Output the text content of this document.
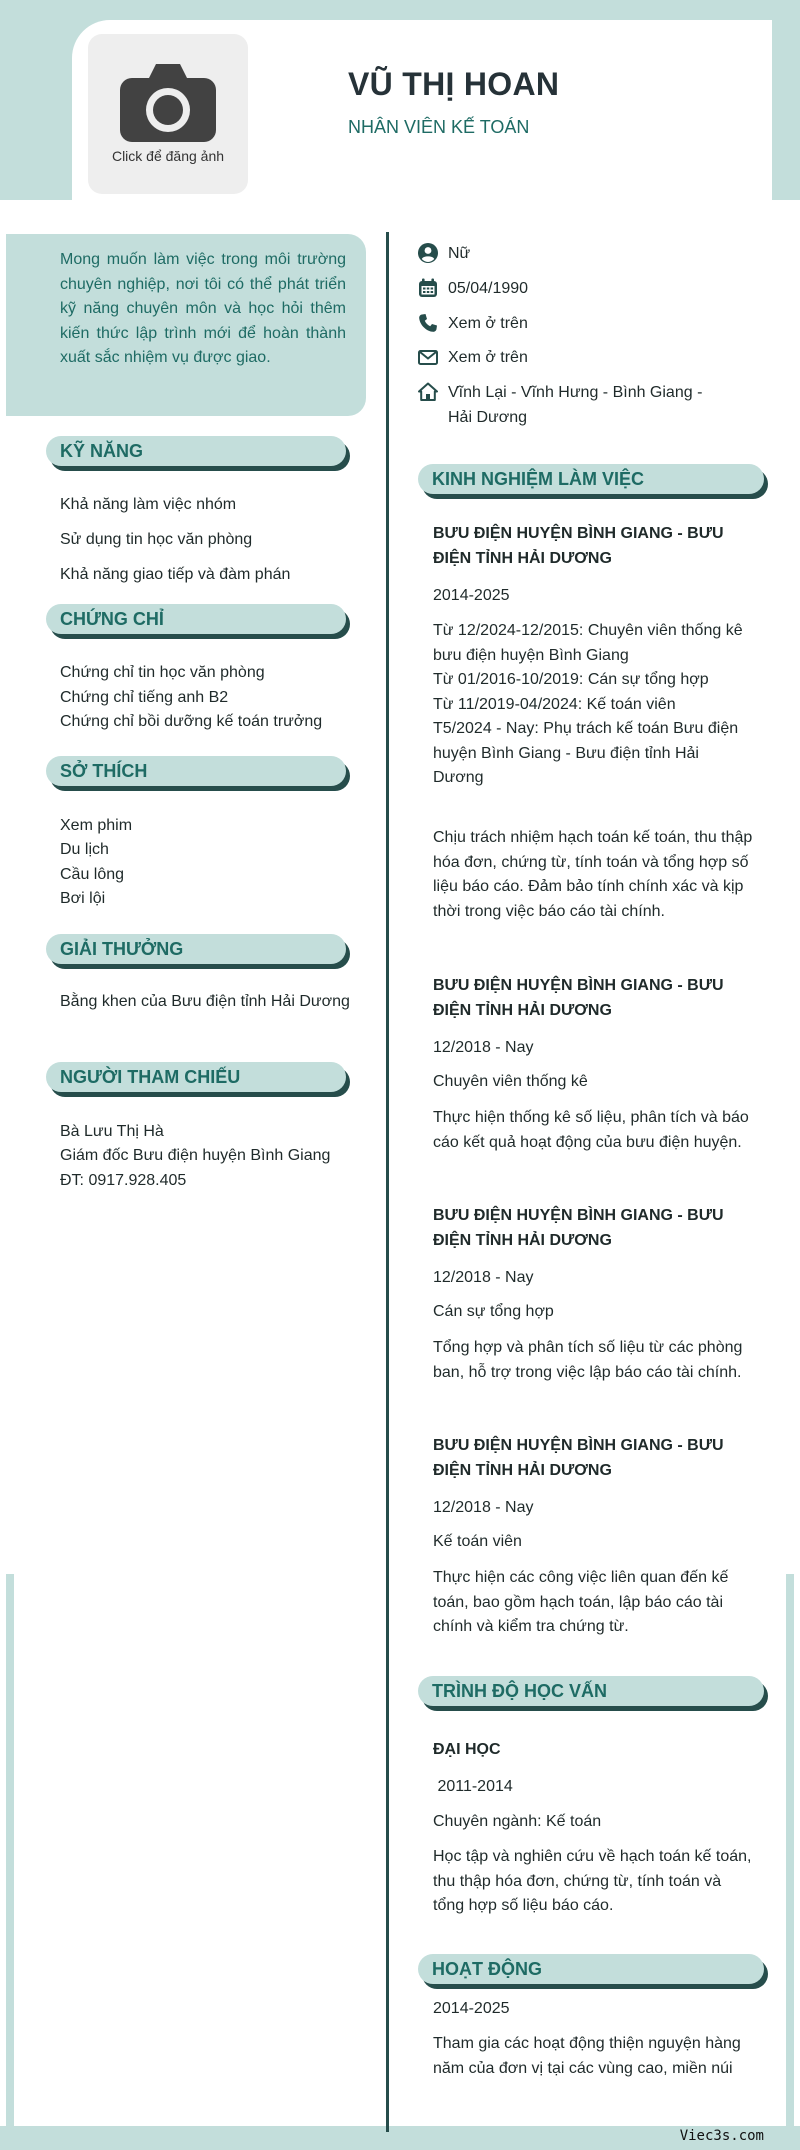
Click để đăng ảnh
VŨ THỊ HOAN
NHÂN VIÊN KẾ TOÁN

Mong muốn làm việc trong môi trường chuyên nghiệp, nơi tôi có thể phát triển kỹ năng chuyên môn và học hỏi thêm kiến thức lập trình mới để hoàn thành xuất sắc nhiệm vụ được giao.

KỸ NĂNG
Khả năng làm việc nhóm
Sử dụng tin học văn phòng
Khả năng giao tiếp và đàm phán
CHỨNG CHỈ
Chứng chỉ tin học văn phòng
Chứng chỉ tiếng anh B2
Chứng chỉ bồi dưỡng kế toán trưởng
SỞ THÍCH
Xem phim
Du lịch
Cầu lông
Bơi lội
GIẢI THƯỞNG
Bằng khen của Bưu điện tỉnh Hải Dương
NGƯỜI THAM CHIẾU
Bà Lưu Thị Hà
Giám đốc Bưu điện huyện Bình Giang
ĐT: 0917.928.405
Nữ
05/04/1990
Xem ở trên
Xem ở trên
Vĩnh Lại - Vĩnh Hưng - Bình Giang -
Hải Dương
KINH NGHIỆM LÀM VIỆC
BƯU ĐIỆN HUYỆN BÌNH GIANG - BƯU ĐIỆN TỈNH HẢI DƯƠNG
2014-2025
Từ 12/2024-12/2015: Chuyên viên thống kê bưu điện huyện Bình Giang
Từ 01/2016-10/2019: Cán sự tổng hợp
Từ 11/2019-04/2024: Kế toán viên
T5/2024 - Nay: Phụ trách kế toán Bưu điện huyện Bình Giang - Bưu điện tỉnh Hải Dương
Chịu trách nhiệm hạch toán kế toán, thu thập hóa đơn, chứng từ, tính toán và tổng hợp số liệu báo cáo. Đảm bảo tính chính xác và kịp thời trong việc báo cáo tài chính.
BƯU ĐIỆN HUYỆN BÌNH GIANG - BƯU ĐIỆN TỈNH HẢI DƯƠNG
12/2018 - Nay
Chuyên viên thống kê
Thực hiện thống kê số liệu, phân tích và báo cáo kết quả hoạt động của bưu điện huyện.
BƯU ĐIỆN HUYỆN BÌNH GIANG - BƯU ĐIỆN TỈNH HẢI DƯƠNG
12/2018 - Nay
Cán sự tổng hợp
Tổng hợp và phân tích số liệu từ các phòng ban, hỗ trợ trong việc lập báo cáo tài chính.
BƯU ĐIỆN HUYỆN BÌNH GIANG - BƯU ĐIỆN TỈNH HẢI DƯƠNG
12/2018 - Nay
Kế toán viên
Thực hiện các công việc liên quan đến kế toán, bao gồm hạch toán, lập báo cáo tài chính và kiểm tra chứng từ.
TRÌNH ĐỘ HỌC VẤN
ĐẠI HỌC
2011-2014
Chuyên ngành: Kế toán
Học tập và nghiên cứu về hạch toán kế toán, thu thập hóa đơn, chứng từ, tính toán và tổng hợp số liệu báo cáo.
HOẠT ĐỘNG
2014-2025
Tham gia các hoạt động thiện nguyện hàng năm của đơn vị tại các vùng cao, miền núi
Viec3s.com
